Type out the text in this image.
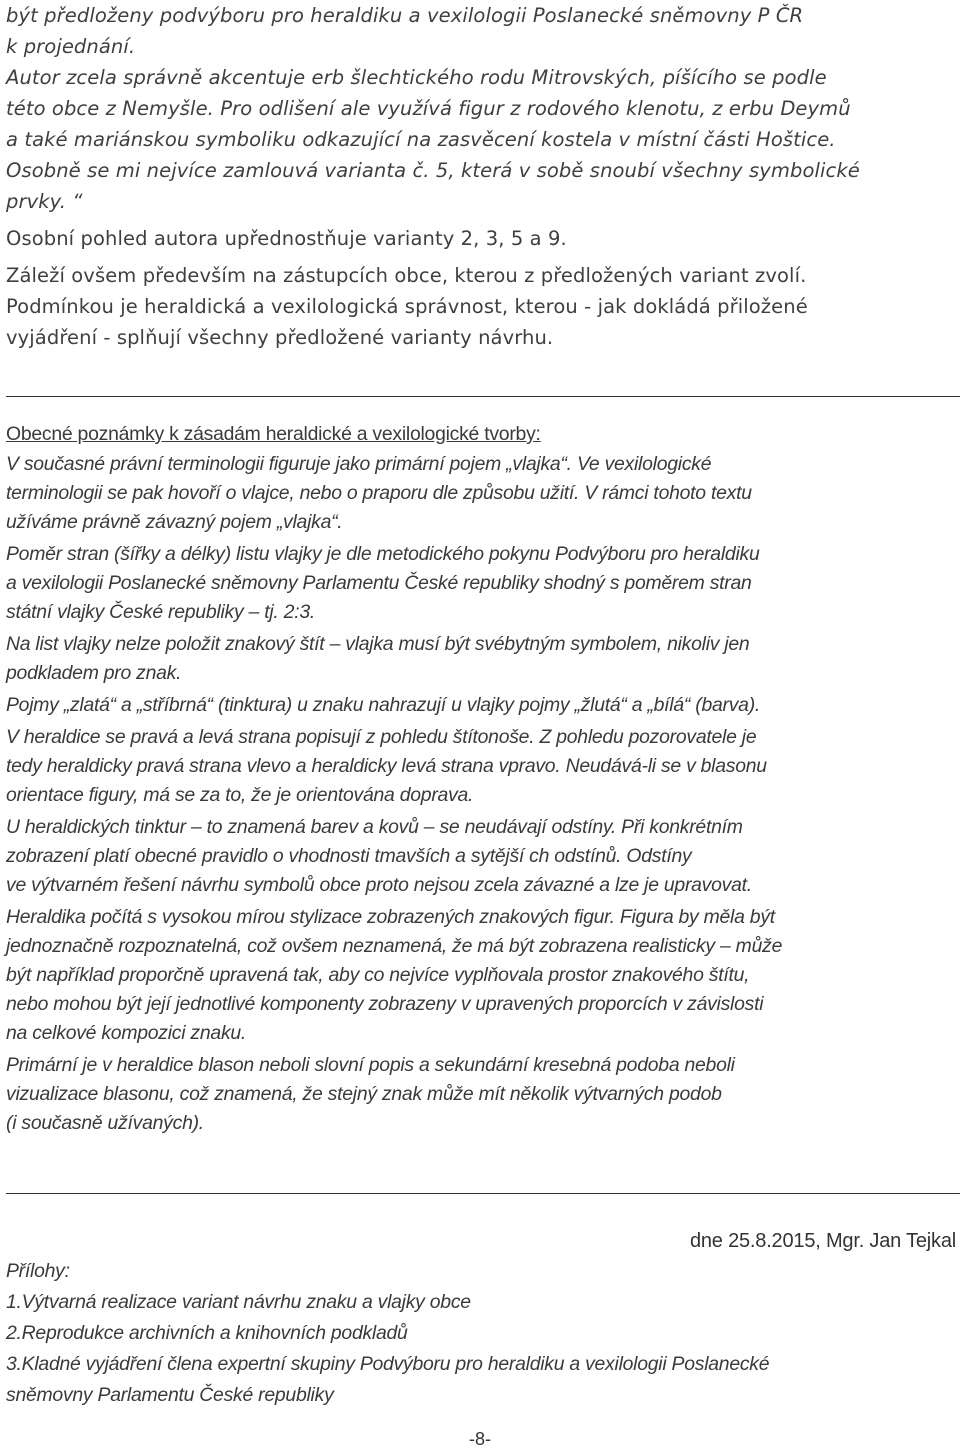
být předloženy podvýboru pro heraldiku a vexilologii Poslanecké sněmovny P ČR

k projednání.

Autor zcela správně akcentuje erb šlechtického rodu Mitrovských, píšícího se podle

této obce z Nemyšle. Pro odlišení ale využívá figur z rodového klenotu, z erbu Deymů

a také mariánskou symboliku odkazující na zasvěcení kostela v místní části Hoštice.

Osobně se mi nejvíce zamlouvá varianta č. 5, která v sobě snoubí všechny symbolické

prvky. “

Osobní pohled autora upřednostňuje varianty 2, 3, 5 a 9.

Záleží ovšem především na zástupcích obce, kterou z předložených variant zvolí.

Podmínkou je heraldická a vexilologická správnost, kterou - jak dokládá přiložené

vyjádření - splňují všechny předložené varianty návrhu.

Obecné poznámky k zásadám heraldické a vexilologické tvorby:

V současné právní terminologii figuruje jako primární pojem „vlajka“. Ve vexilologické
terminologii se pak hovoří o vlajce, nebo o praporu dle způsobu užití. V rámci tohoto textu
užíváme právně závazný pojem „vlajka“.

Poměr stran (šířky a délky) listu vlajky je dle metodického pokynu Podvýboru pro heraldiku
a vexilologii Poslanecké sněmovny Parlamentu České republiky shodný s poměrem stran
státní vlajky České republiky – tj. 2:3.

Na list vlajky nelze položit znakový štít – vlajka musí být svébytným symbolem, nikoliv jen
podkladem pro znak.

Pojmy „zlatá“ a „stříbrná“ (tinktura) u znaku nahrazují u vlajky pojmy „žlutá“ a „bílá“ (barva).

V heraldice se pravá a levá strana popisují z pohledu štítonoše. Z pohledu pozorovatele je
tedy heraldicky pravá strana vlevo a heraldicky levá strana vpravo. Neudává-li se v blasonu
orientace figury, má se za to, že je orientována doprava.

U heraldických tinktur – to znamená barev a kovů – se neudávají odstíny. Při konkrétním
zobrazení platí obecné pravidlo o vhodnosti tmavších a sytější ch odstínů. Odstíny
ve výtvarném řešení návrhu symbolů obce proto nejsou zcela závazné a lze je upravovat.

Heraldika počítá s vysokou mírou stylizace zobrazených znakových figur. Figura by měla být
jednoznačně rozpoznatelná, což ovšem neznamená, že má být zobrazena realisticky – může
být například proporčně upravená tak, aby co nejvíce vyplňovala prostor znakového štítu,
nebo mohou být její jednotlivé komponenty zobrazeny v upravených proporcích v závislosti
na celkové kompozici znaku.

Primární je v heraldice blason neboli slovní popis a sekundární kresebná podoba neboli
vizualizace blasonu, což znamená, že stejný znak může mít několik výtvarných podob
(i současně užívaných).

dne 25.8.2015, Mgr. Jan Tejkal

Přílohy:

1.Výtvarná realizace variant návrhu znaku a vlajky obce
2.Reprodukce archivních a knihovních podkladů
3.Kladné vyjádření člena expertní skupiny Podvýboru pro heraldiku a vexilologii Poslanecké
sněmovny Parlamentu České republiky
-8-
